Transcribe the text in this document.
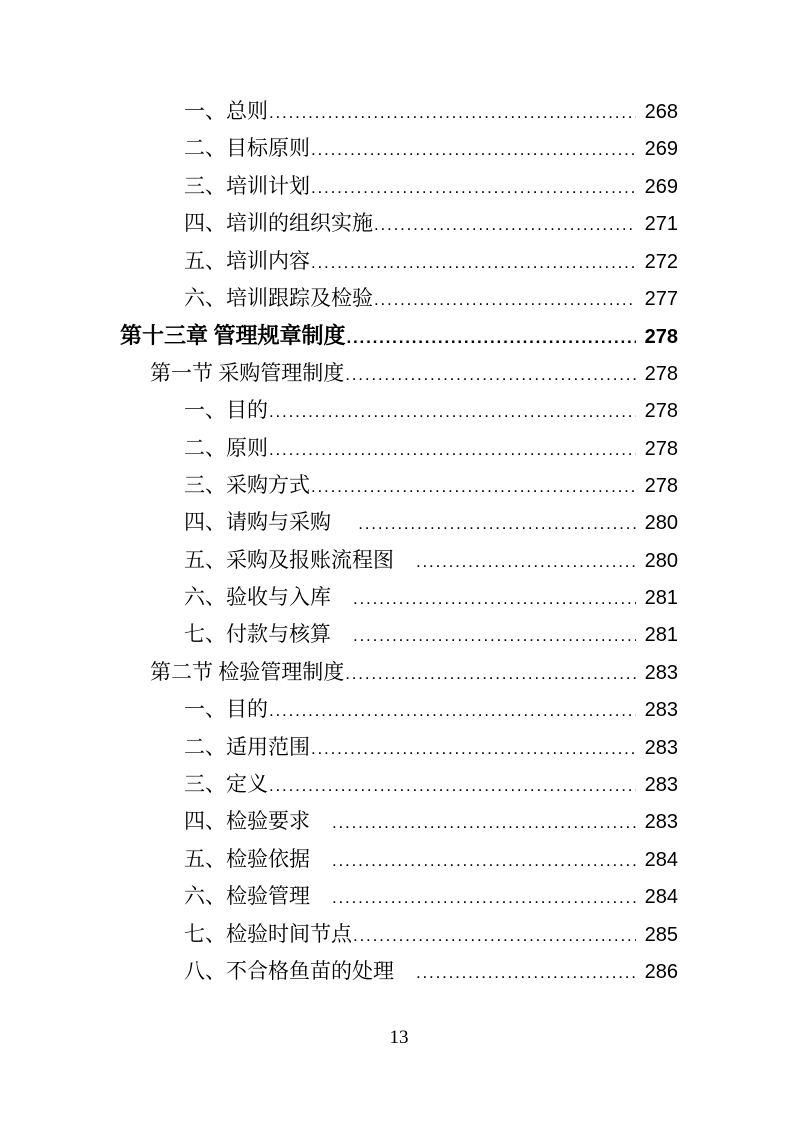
一、总则 .....	268
二、目标原则 .....	269
三、培训计划 .....	269
四、培训的组织实施 .....	271
五、培训内容 .....	272
六、培训跟踪及检验 .....	277
第十三章 管理规章制度 .....	278
第一节 采购管理制度 .....	278
一、目的 .....	278
二、原则 .....	278
三、采购方式 .....	278
四、请购与采购　 .....	280
五、采购及报账流程图　 .....	280
六、验收与入库　 .....	281
七、付款与核算　 .....	281
第二节 检验管理制度 .....	283
一、目的 .....	283
二、适用范围 .....	283
三、定义 .....	283
四、检验要求　 .....	283
五、检验依据　 .....	284
六、检验管理　 .....	284
七、检验时间节点 .....	285
八、不合格鱼苗的处理　 .....	286
13
